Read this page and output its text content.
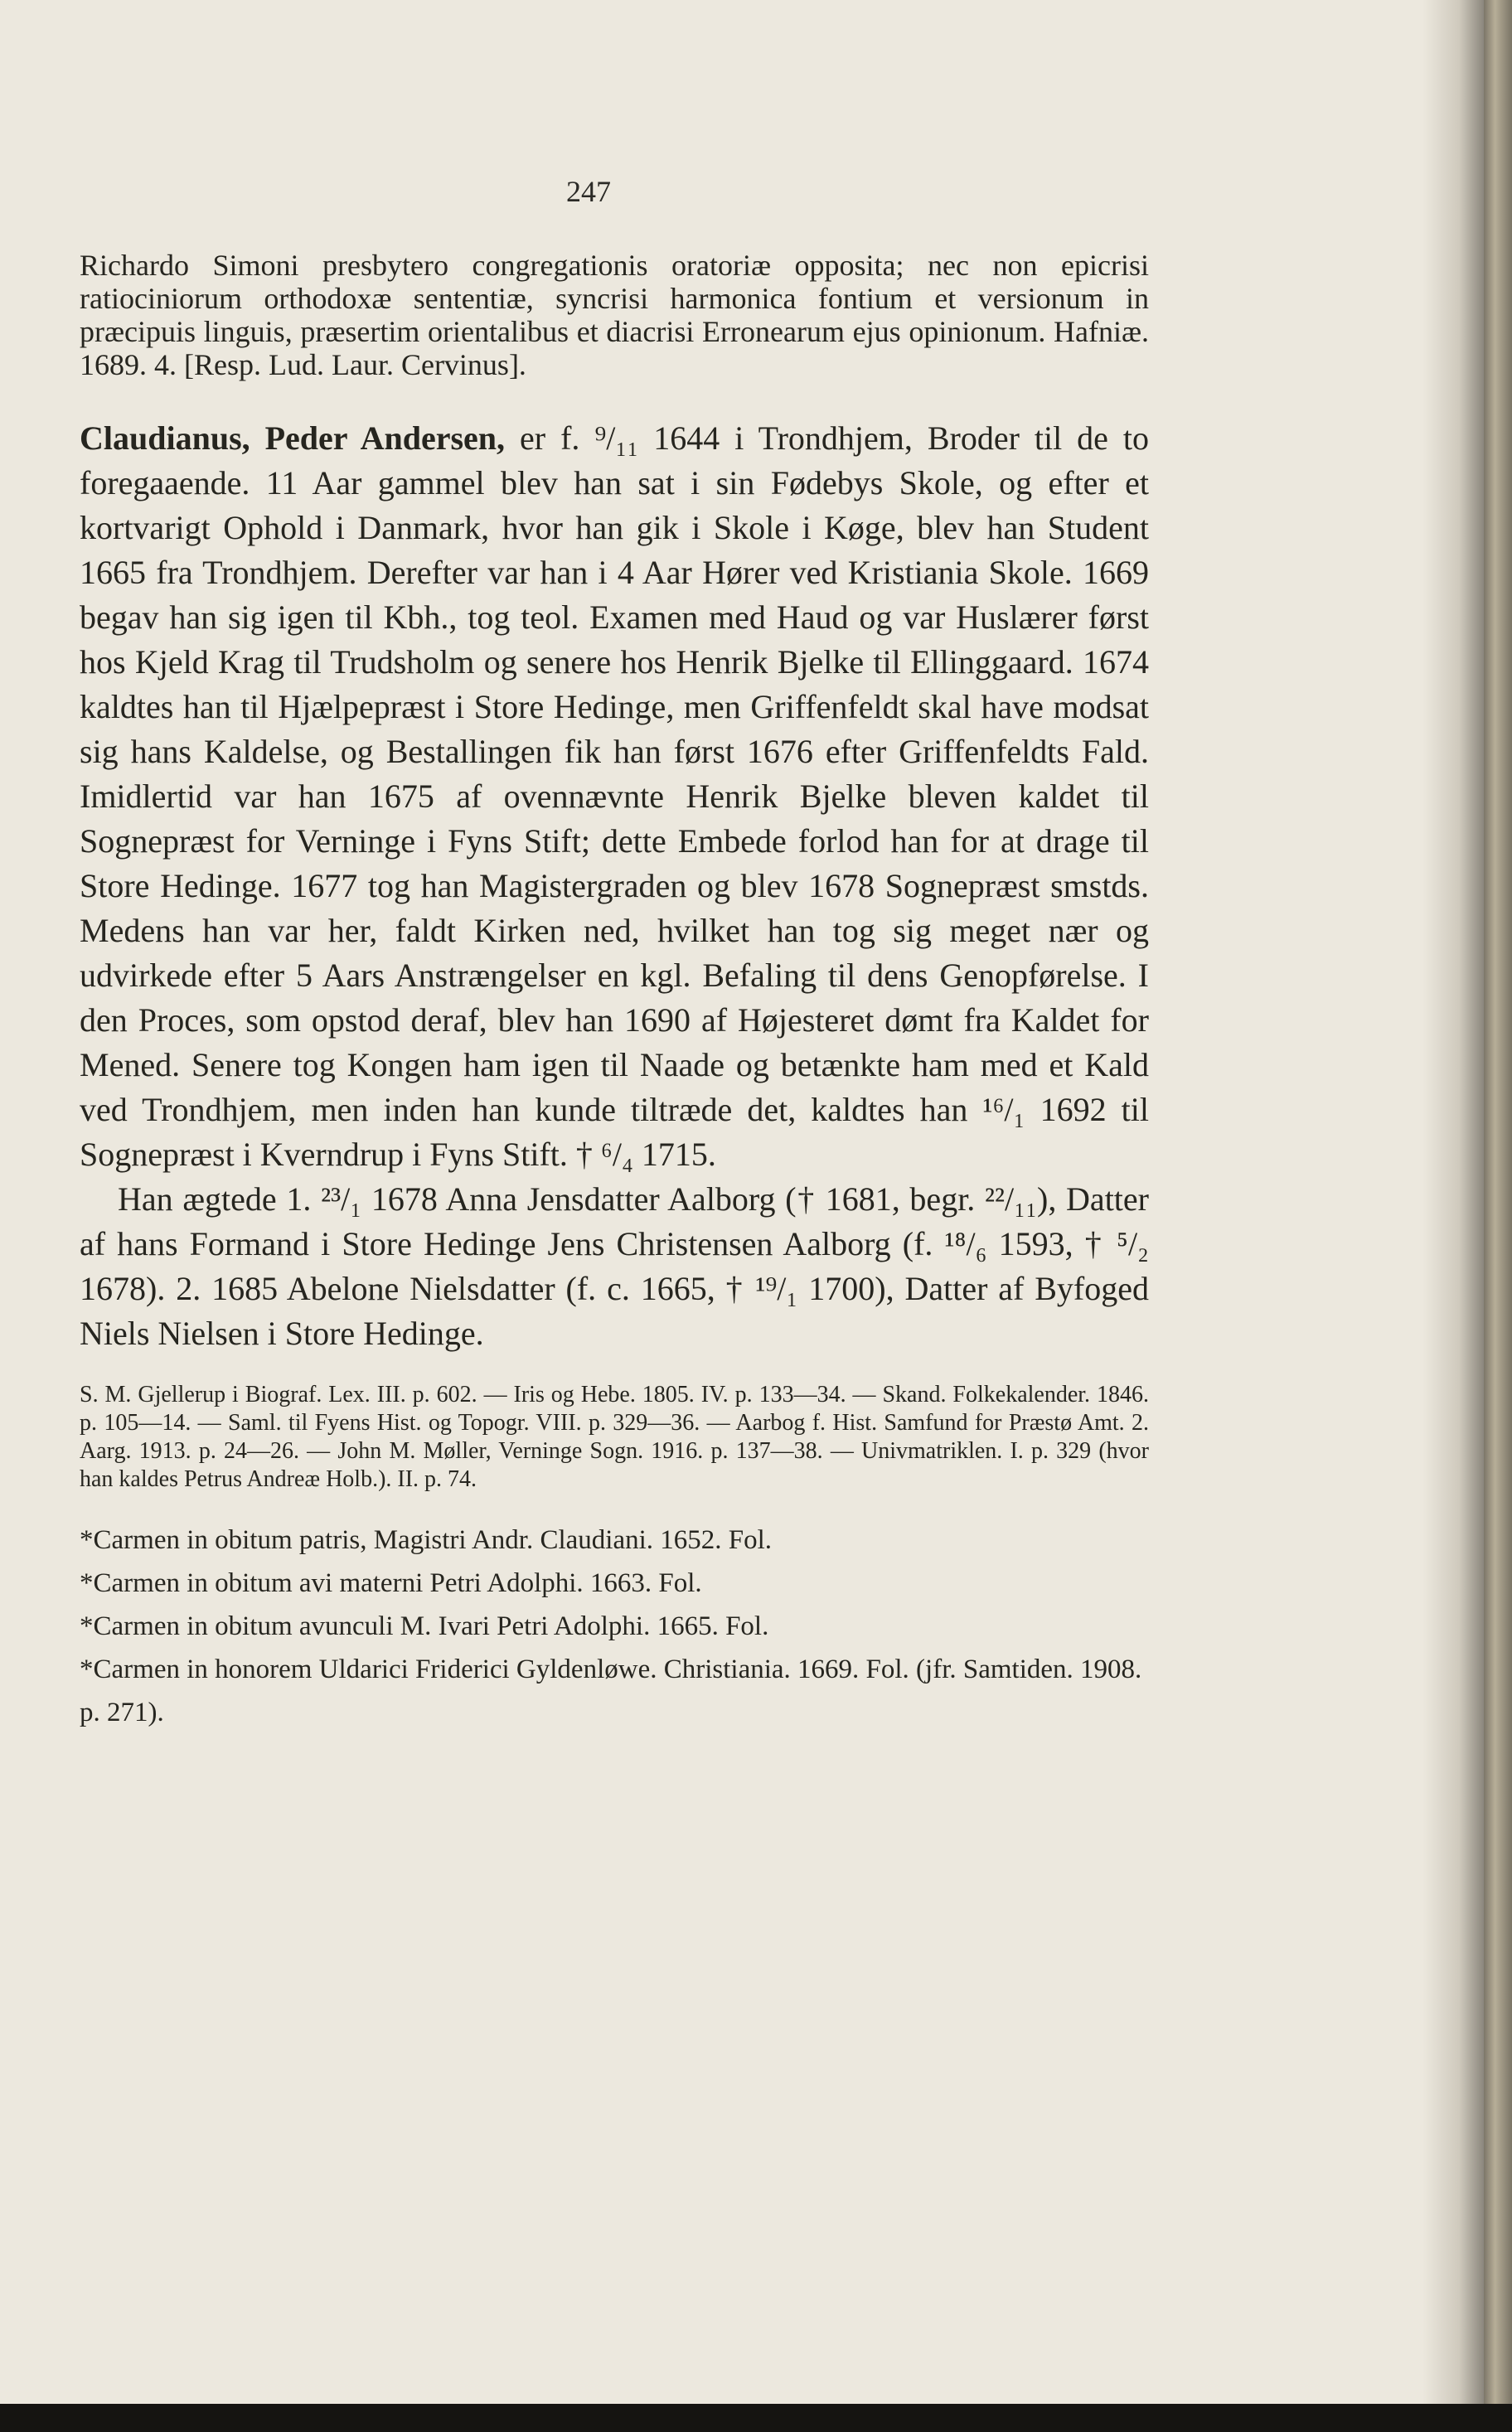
247

Richardo Simoni presbytero congregationis oratoriæ opposita; nec non epicrisi ratiociniorum orthodoxæ sententiæ, syncrisi harmonica fontium et versionum in præcipuis linguis, præsertim orientalibus et diacrisi Erronearum ejus opinionum. Hafniæ. 1689. 4. [Resp. Lud. Laur. Cervinus].

Claudianus, Peder Andersen, er f. ⁹/₁₁ 1644 i Trondhjem, Broder til de to foregaaende. 11 Aar gammel blev han sat i sin Fødebys Skole, og efter et kortvarigt Ophold i Danmark, hvor han gik i Skole i Køge, blev han Student 1665 fra Trondhjem. Derefter var han i 4 Aar Hører ved Kristiania Skole. 1669 begav han sig igen til Kbh., tog teol. Examen med Haud og var Huslærer først hos Kjeld Krag til Trudsholm og senere hos Henrik Bjelke til Ellinggaard. 1674 kaldtes han til Hjælpepræst i Store Hedinge, men Griffenfeldt skal have modsat sig hans Kaldelse, og Bestallingen fik han først 1676 efter Griffenfeldts Fald. Imidlertid var han 1675 af ovennævnte Henrik Bjelke bleven kaldet til Sognepræst for Verninge i Fyns Stift; dette Embede forlod han for at drage til Store Hedinge. 1677 tog han Magistergraden og blev 1678 Sognepræst smstds. Medens han var her, faldt Kirken ned, hvilket han tog sig meget nær og udvirkede efter 5 Aars Anstrængelser en kgl. Befaling til dens Genopførelse. I den Proces, som opstod deraf, blev han 1690 af Højesteret dømt fra Kaldet for Mened. Senere tog Kongen ham igen til Naade og betænkte ham med et Kald ved Trondhjem, men inden han kunde tiltræde det, kaldtes han ¹⁶/₁ 1692 til Sognepræst i Kverndrup i Fyns Stift. † ⁶/₄ 1715.

Han ægtede 1. ²³/₁ 1678 Anna Jensdatter Aalborg († 1681, begr. ²²/₁₁), Datter af hans Formand i Store Hedinge Jens Christensen Aalborg (f. ¹⁸/₆ 1593, † ⁵/₂ 1678). 2. 1685 Abelone Nielsdatter (f. c. 1665, † ¹⁹/₁ 1700), Datter af Byfoged Niels Nielsen i Store Hedinge.

S. M. Gjellerup i Biograf. Lex. III. p. 602. — Iris og Hebe. 1805. IV. p. 133—34. — Skand. Folkekalender. 1846. p. 105—14. — Saml. til Fyens Hist. og Topogr. VIII. p. 329—36. — Aarbog f. Hist. Samfund for Præstø Amt. 2. Aarg. 1913. p. 24—26. — John M. Møller, Verninge Sogn. 1916. p. 137—38. — Univmatriklen. I. p. 329 (hvor han kaldes Petrus Andreæ Holb.). II. p. 74.

*Carmen in obitum patris, Magistri Andr. Claudiani. 1652. Fol.
*Carmen in obitum avi materni Petri Adolphi. 1663. Fol.
*Carmen in obitum avunculi M. Ivari Petri Adolphi. 1665. Fol.
*Carmen in honorem Uldarici Friderici Gyldenløwe. Christiania. 1669. Fol. (jfr. Samtiden. 1908. p. 271).
